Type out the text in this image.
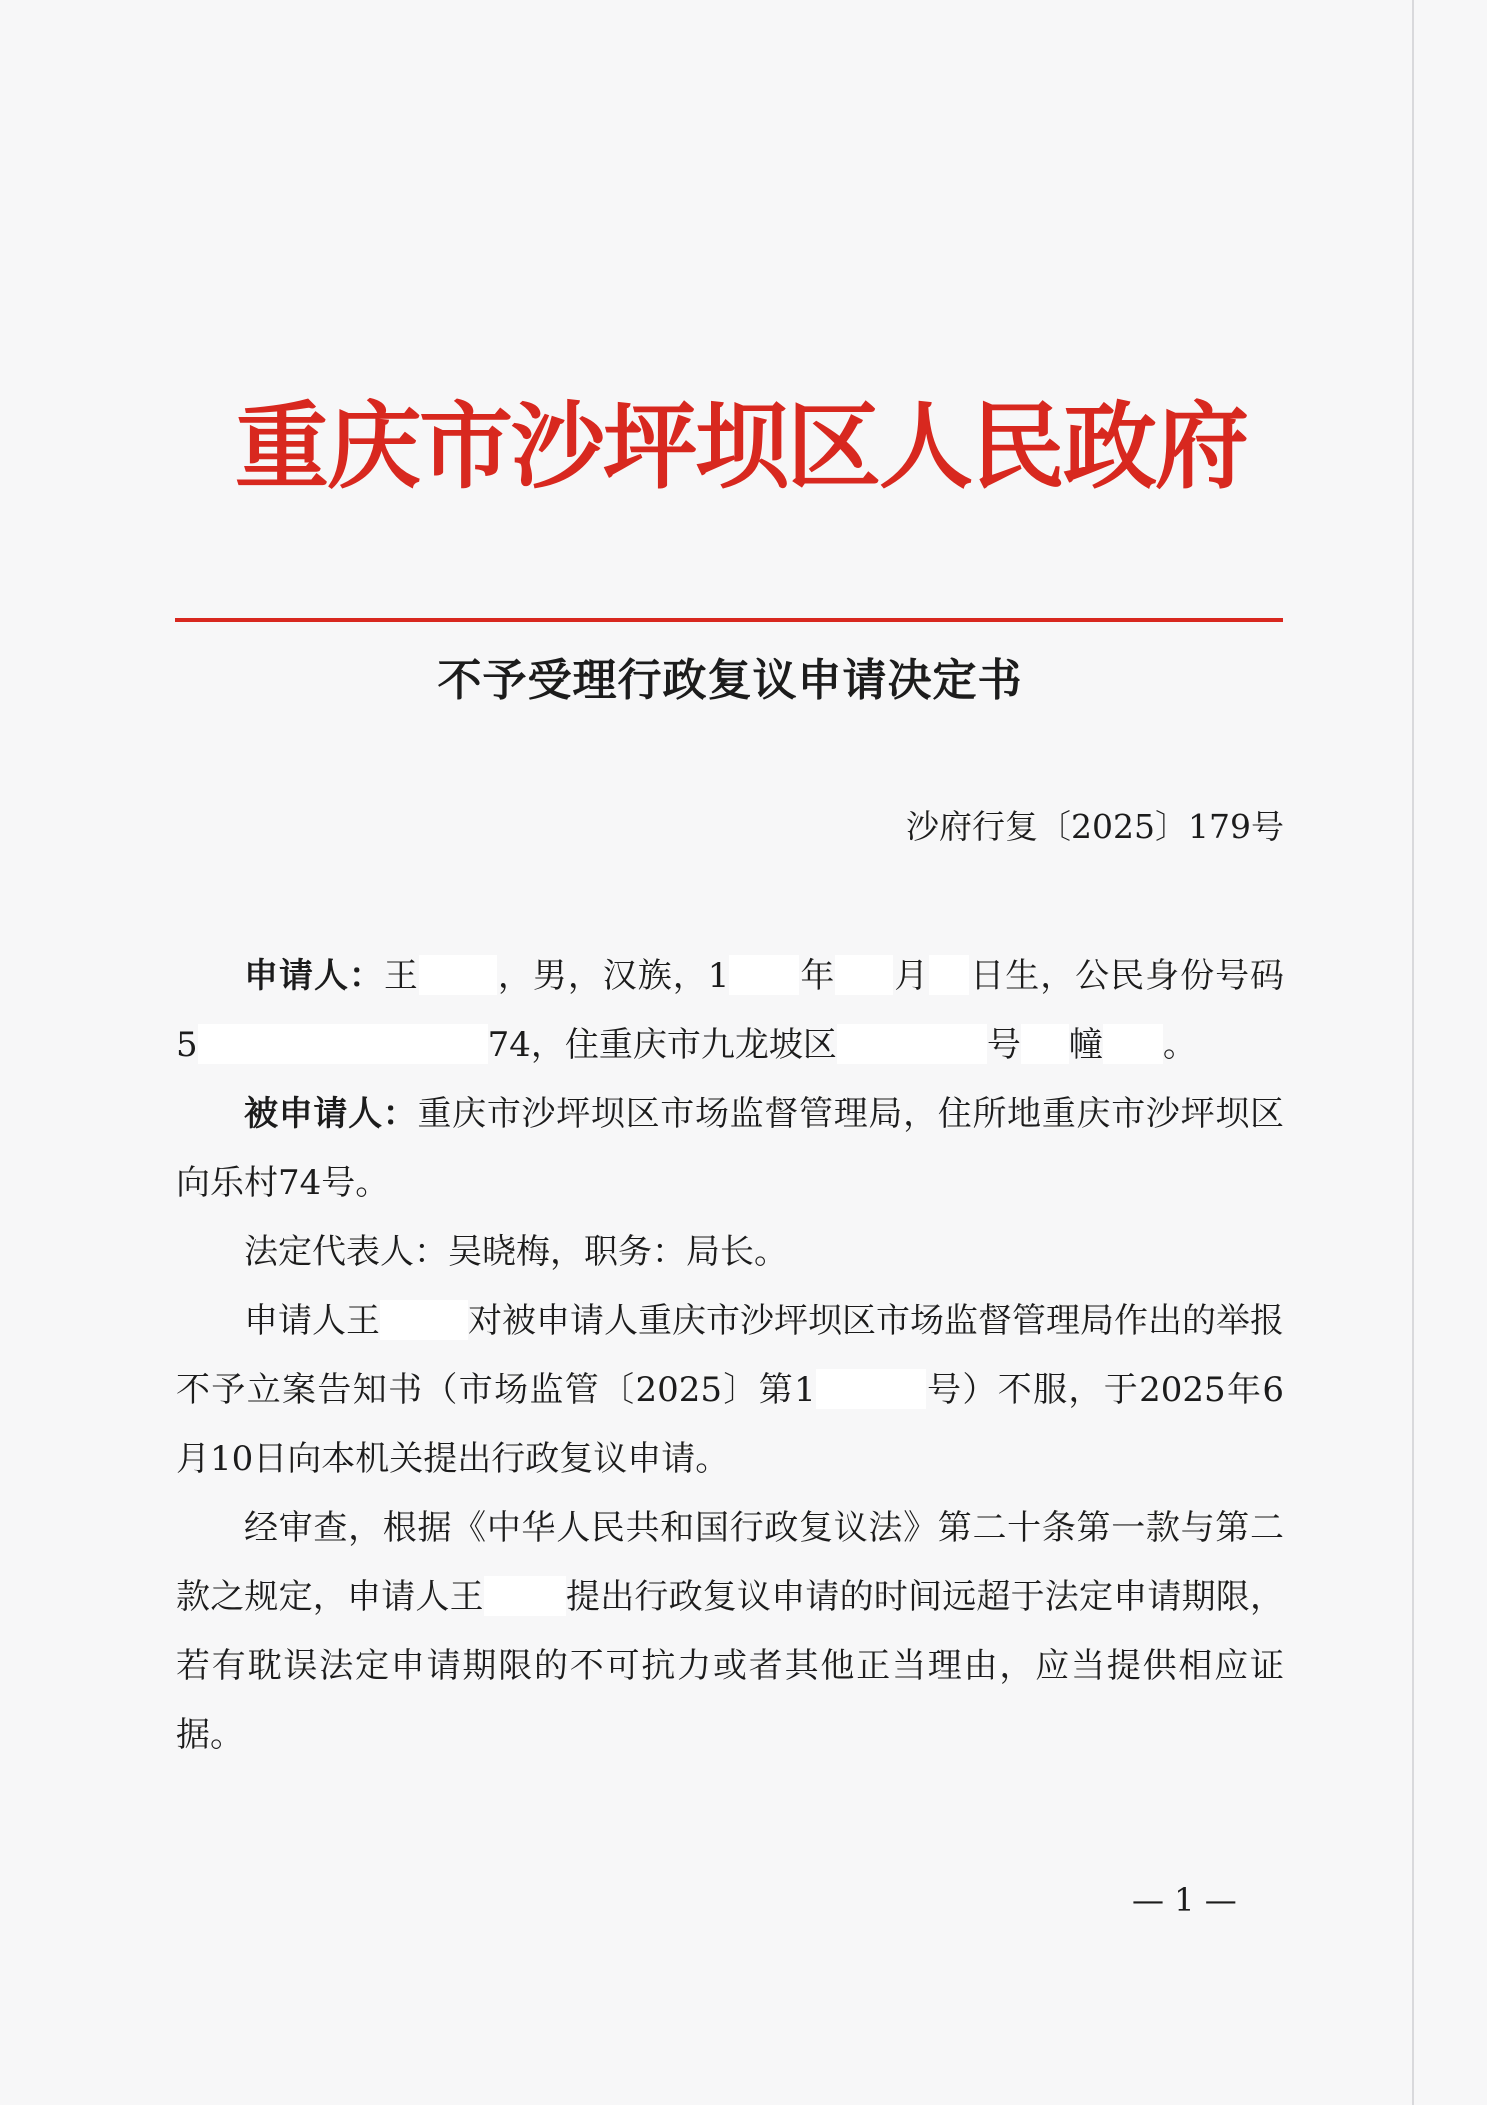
重庆市沙坪坝区人民政府
不予受理行政复议申请决定书
沙府行复〔2025〕179号

申请人：王 ，男，汉族，1 年 月 日生，公民身份号码 5	74，住重庆市九龙坡区	号 幢 。

被申请人：重庆市沙坪坝区市场监督管理局，住所地重庆市沙坪坝区向乐村74号。

法定代表人：吴晓梅，职务：局长。

申请人王	对被申请人重庆市沙坪坝区市场监督管理局作出的举报不予立案告知书（市场监管〔2025〕第1	号）不服，于2025年6月10日向本机关提出行政复议申请。

经审查，根据《中华人民共和国行政复议法》第二十条第一款与第二款之规定，申请人王 提出行政复议申请的时间远超于法定申请期限，若有耽误法定申请期限的不可抗力或者其他正当理由，应当提供相应证据。

— 1 —
